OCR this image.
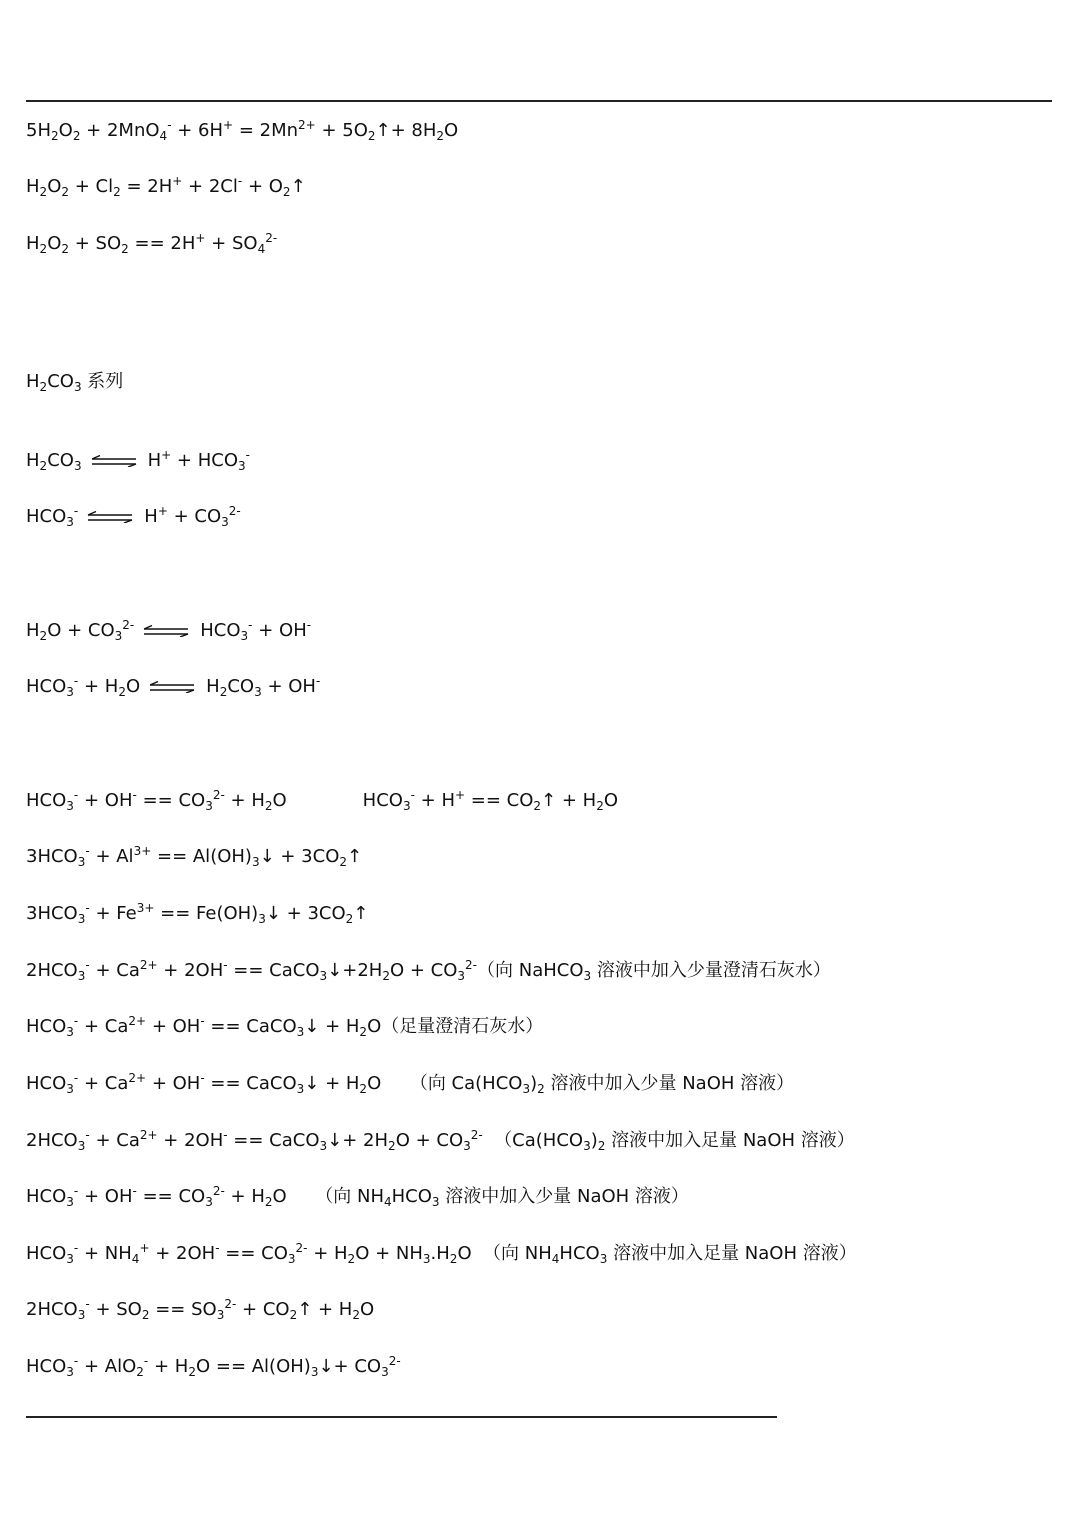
$5H_2O_2 + 2MnO_4^- + 6H^+ = 2Mn^{2+}$ + $5O_2↑+ 8H_2O$
$H_2O_2 + Cl_2 = 2H^+ + 2Cl^-$ + $O_2↑$
$H_2O_2 + SO_2 == 2H^+ + SO_4^{2-}$
$H_2CO_3$ 系列
$H_2CO_3$ ⇌ $H^+ + HCO_3^-$
$HCO_3^-$ ⇌ $H^+ + CO_3^{2-}$
$H_2O + CO_3^{2-}$ ⇌ $HCO_3^- + OH^-$
$HCO_3^- + H_2O$ ⇌ $H_2CO_3 + OH^-$
$HCO_3^- + OH^- == CO_3^{2-} + H_2O$	$HCO_3^- + H^+$ == $CO_2↑ + H_2O$
$3HCO_3^- + Al^{3+}$ == $Al(OH)_3↓$ + $3CO_2↑$
$3HCO_3^- + Fe^{3+}$ == $Fe(OH)_3↓$ + $3CO_2↑$
$2HCO_3^- + Ca^{2+} + 2OH^-$ == $CaCO_3↓+2H_2O + CO_3^{2-}$（向 NaHCO$_3$ 溶液中加入少量澄清石灰水）
$HCO_3^- + Ca^{2+} + OH^-$ == CaCO$_3$↓ + $H_2O$（足量澄清石灰水）
$HCO_3^- + Ca^{2+} + OH^-$ == CaCO$_3$↓ + $H_2O$     （向 $Ca(HCO_3)_2$ 溶液中加入少量 NaOH 溶液）
$2HCO_3^- + Ca^{2+} + 2OH^-$ == CaCO$_3$↓+ $2H_2O + CO_3^{2-}$  （$Ca(HCO_3)_2$ 溶液中加入足量 NaOH 溶液）
$HCO_3^- + OH^- == CO_3^{2-} + H_2O$     （向 $NH_4HCO_3$ 溶液中加入少量 NaOH 溶液）
$HCO_3^- + NH_4^+ + 2OH^- == CO_3^{2-} + H_2O + NH_3.H_2O$  （向 $NH_4HCO_3$ 溶液中加入足量 NaOH 溶液）
$2HCO_3^- + SO_2 == SO_3^{2-}$ + $CO_2↑ + H_2O$
$HCO_3^- + AlO_2^- + H_2O$ == $Al(OH)_3↓+ CO_3^{2-}$
